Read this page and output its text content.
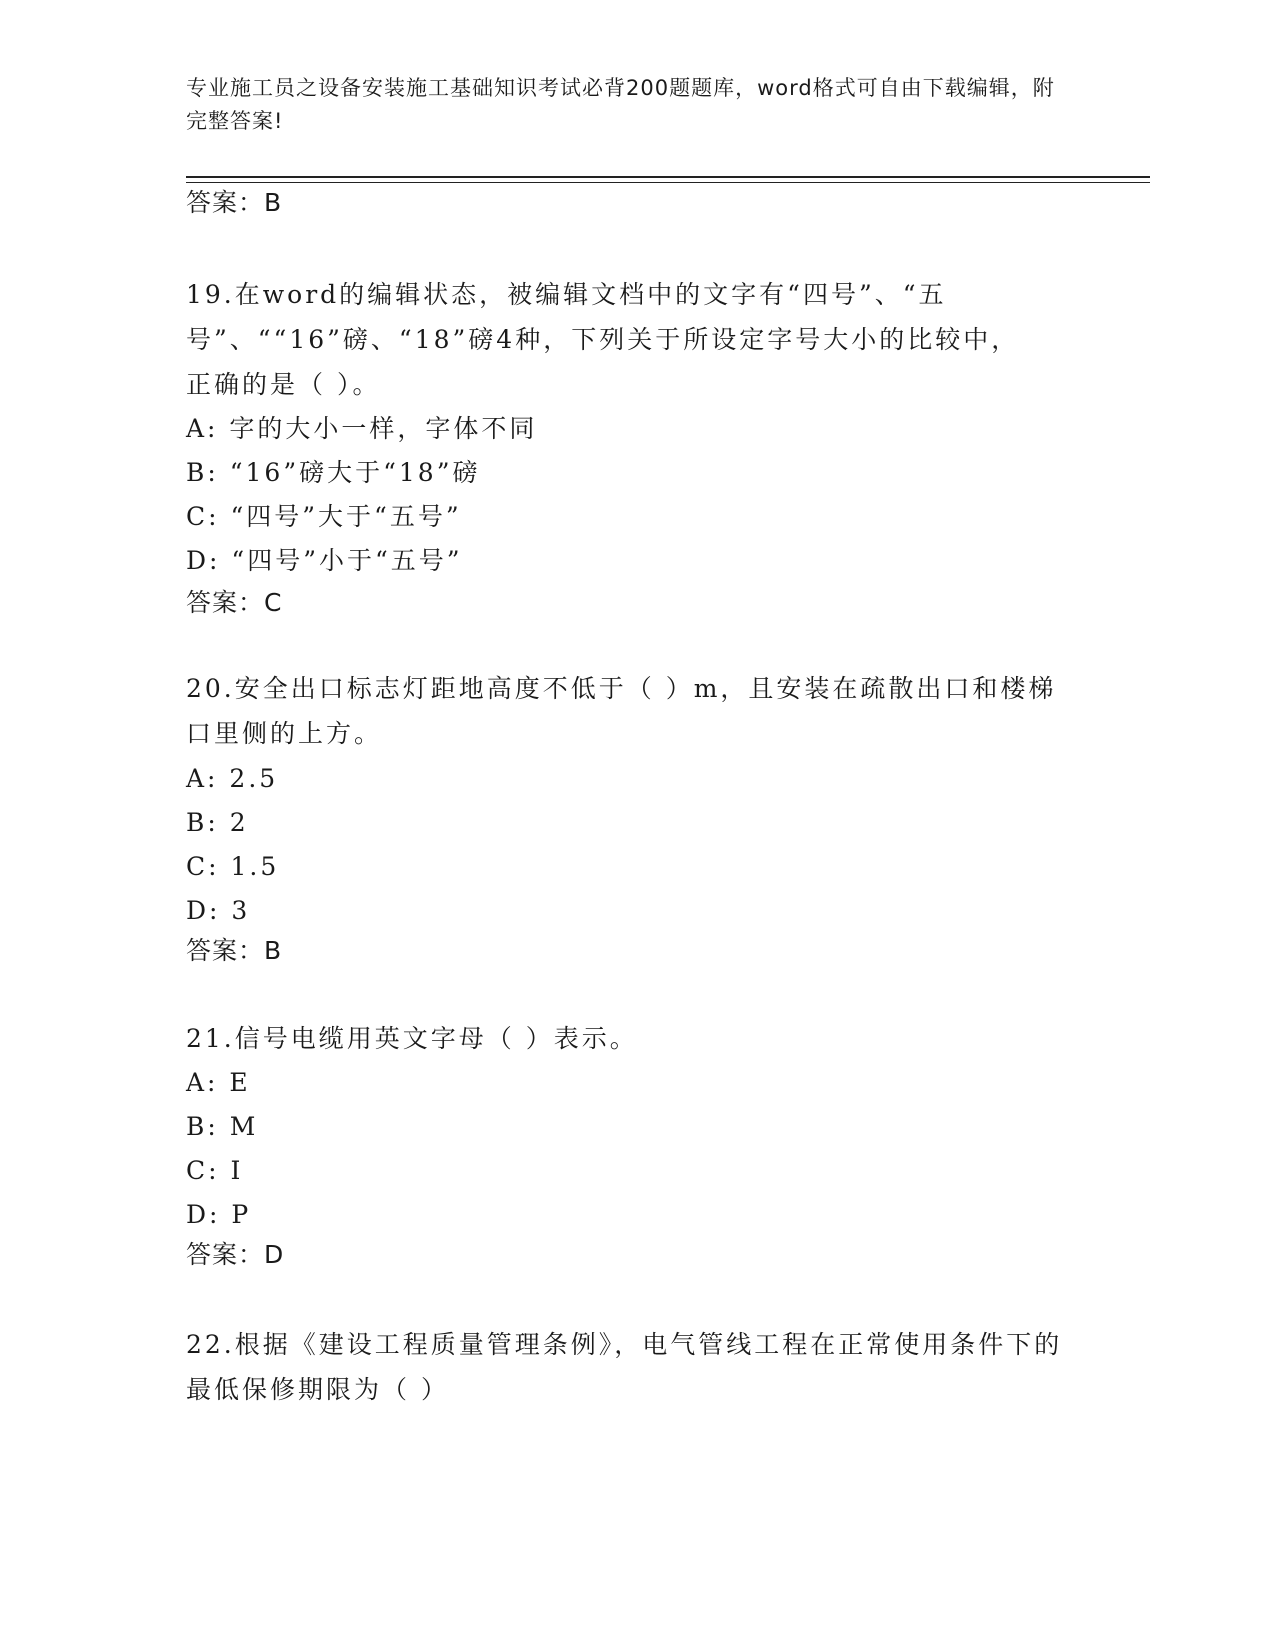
专业施工员之设备安装施工基础知识考试必背200题题库，word格式可自由下载编辑，附完整答案!
答案：B
19.在word的编辑状态，被编辑文档中的文字有“四号”、“五号”、““16”磅、“18”磅4种，下列关于所设定字号大小的比较中，正确的是（ ）。
A: 字的大小一样，字体不同
B: “16”磅大于“18”磅
C: “四号”大于“五号”
D: “四号”小于“五号”
答案：C
20.安全出口标志灯距地高度不低于（ ）m，且安装在疏散出口和楼梯口里侧的上方。
A: 2.5
B: 2
C: 1.5
D: 3
答案：B
21.信号电缆用英文字母（ ）表示。
A: E
B: M
C: I
D: P
答案：D
22.根据《建设工程质量管理条例》，电气管线工程在正常使用条件下的最低保修期限为（ ）
